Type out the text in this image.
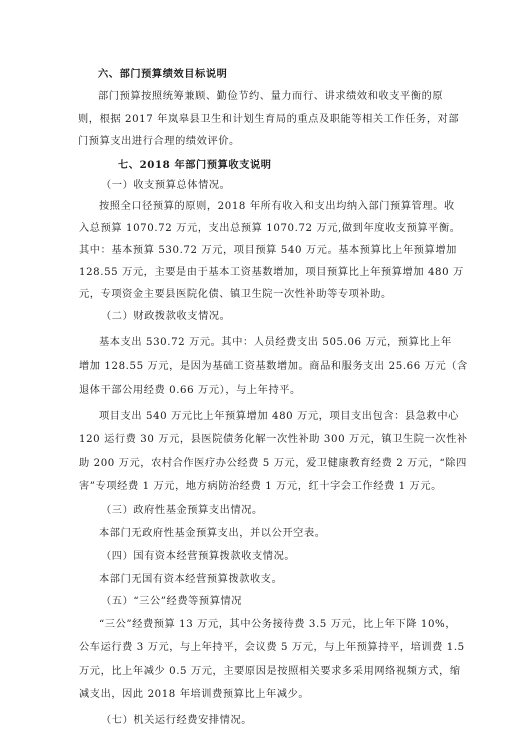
六、部门预算绩效目标说明
部门预算按照统筹兼顾、勤俭节约、量力而行、讲求绩效和收支平衡的原
则，根据 2017 年岚皋县卫生和计划生育局的重点及职能等相关工作任务，对部
门预算支出进行合理的绩效评价。
七、2018 年部门预算收支说明
（一）收支预算总体情况。
按照全口径预算的原则，2018 年所有收入和支出均纳入部门预算管理。收
入总预算 1070.72 万元，支出总预算 1070.72 万元,做到年度收支预算平衡。
其中：基本预算 530.72 万元，项目预算 540 万元。基本预算比上年预算增加
128.55 万元，主要是由于基本工资基数增加，项目预算比上年预算增加 480 万
元，专项资金主要县医院化债、镇卫生院一次性补助等专项补助。
（二）财政拨款收支情况。
基本支出 530.72 万元。其中：人员经费支出 505.06 万元，预算比上年
增加 128.55 万元，是因为基础工资基数增加。商品和服务支出 25.66 万元（含
退体干部公用经费 0.66 万元），与上年持平。
项目支出 540 万元比上年预算增加 480 万元，项目支出包含：县急救中心
120 运行费 30 万元，县医院债务化解一次性补助 300 万元，镇卫生院一次性补
助 200 万元，农村合作医疗办公经费 5 万元，爱卫健康教育经费 2 万元，“除四
害”专项经费 1 万元，地方病防治经费 1 万元，红十字会工作经费 1 万元。
（三）政府性基金预算支出情况。
本部门无政府性基金预算支出，并以公开空表。
（四）国有资本经营预算拨款收支情况。
本部门无国有资本经营预算拨款收支。
（五）“三公”经费等预算情况
“三公”经费预算 13 万元，其中公务接待费 3.5 万元，比上年下降 10%，
公车运行费 3 万元，与上年持平，会议费 5 万元，与上年预算持平，培训费 1.5
万元，比上年减少 0.5 万元，主要原因是按照相关要求多采用网络视频方式，缩
减支出，因此 2018 年培训费预算比上年减少。
（七）机关运行经费安排情况。
